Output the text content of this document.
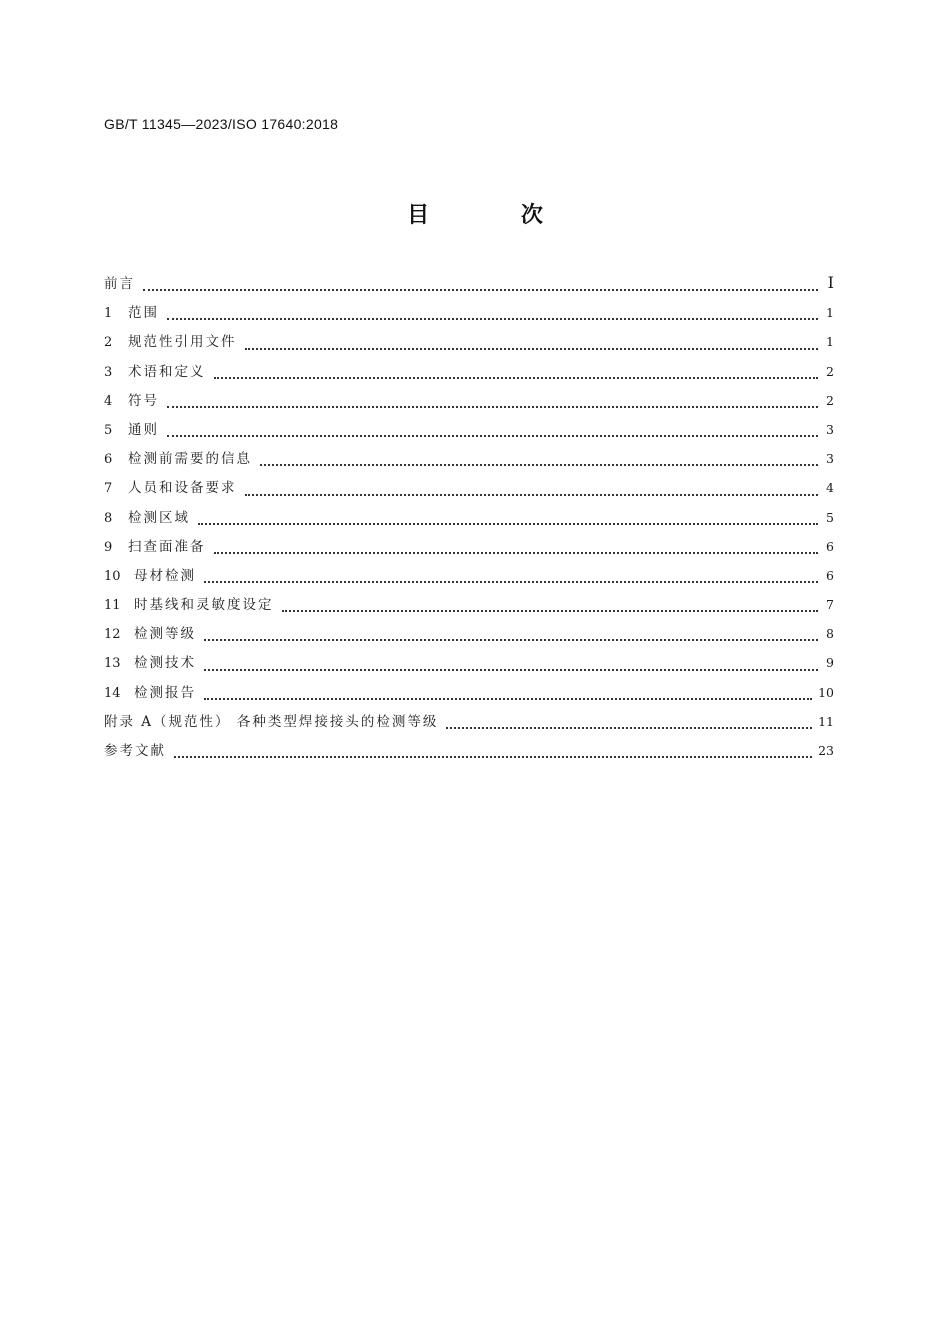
GB/T 11345—2023/ISO 17640:2018
目 次
前言	I
1	范围	1
2	规范性引用文件	1
3	术语和定义	2
4	符号	2
5	通则	3
6	检测前需要的信息	3
7	人员和设备要求	4
8	检测区域	5
9	扫查面准备	6
10 母材检测	6
11 时基线和灵敏度设定	7
12 检测等级	8
13 检测技术	9
14 检测报告	10
附录 A（规范性） 各种类型焊接接头的检测等级	11
参考文献	23
